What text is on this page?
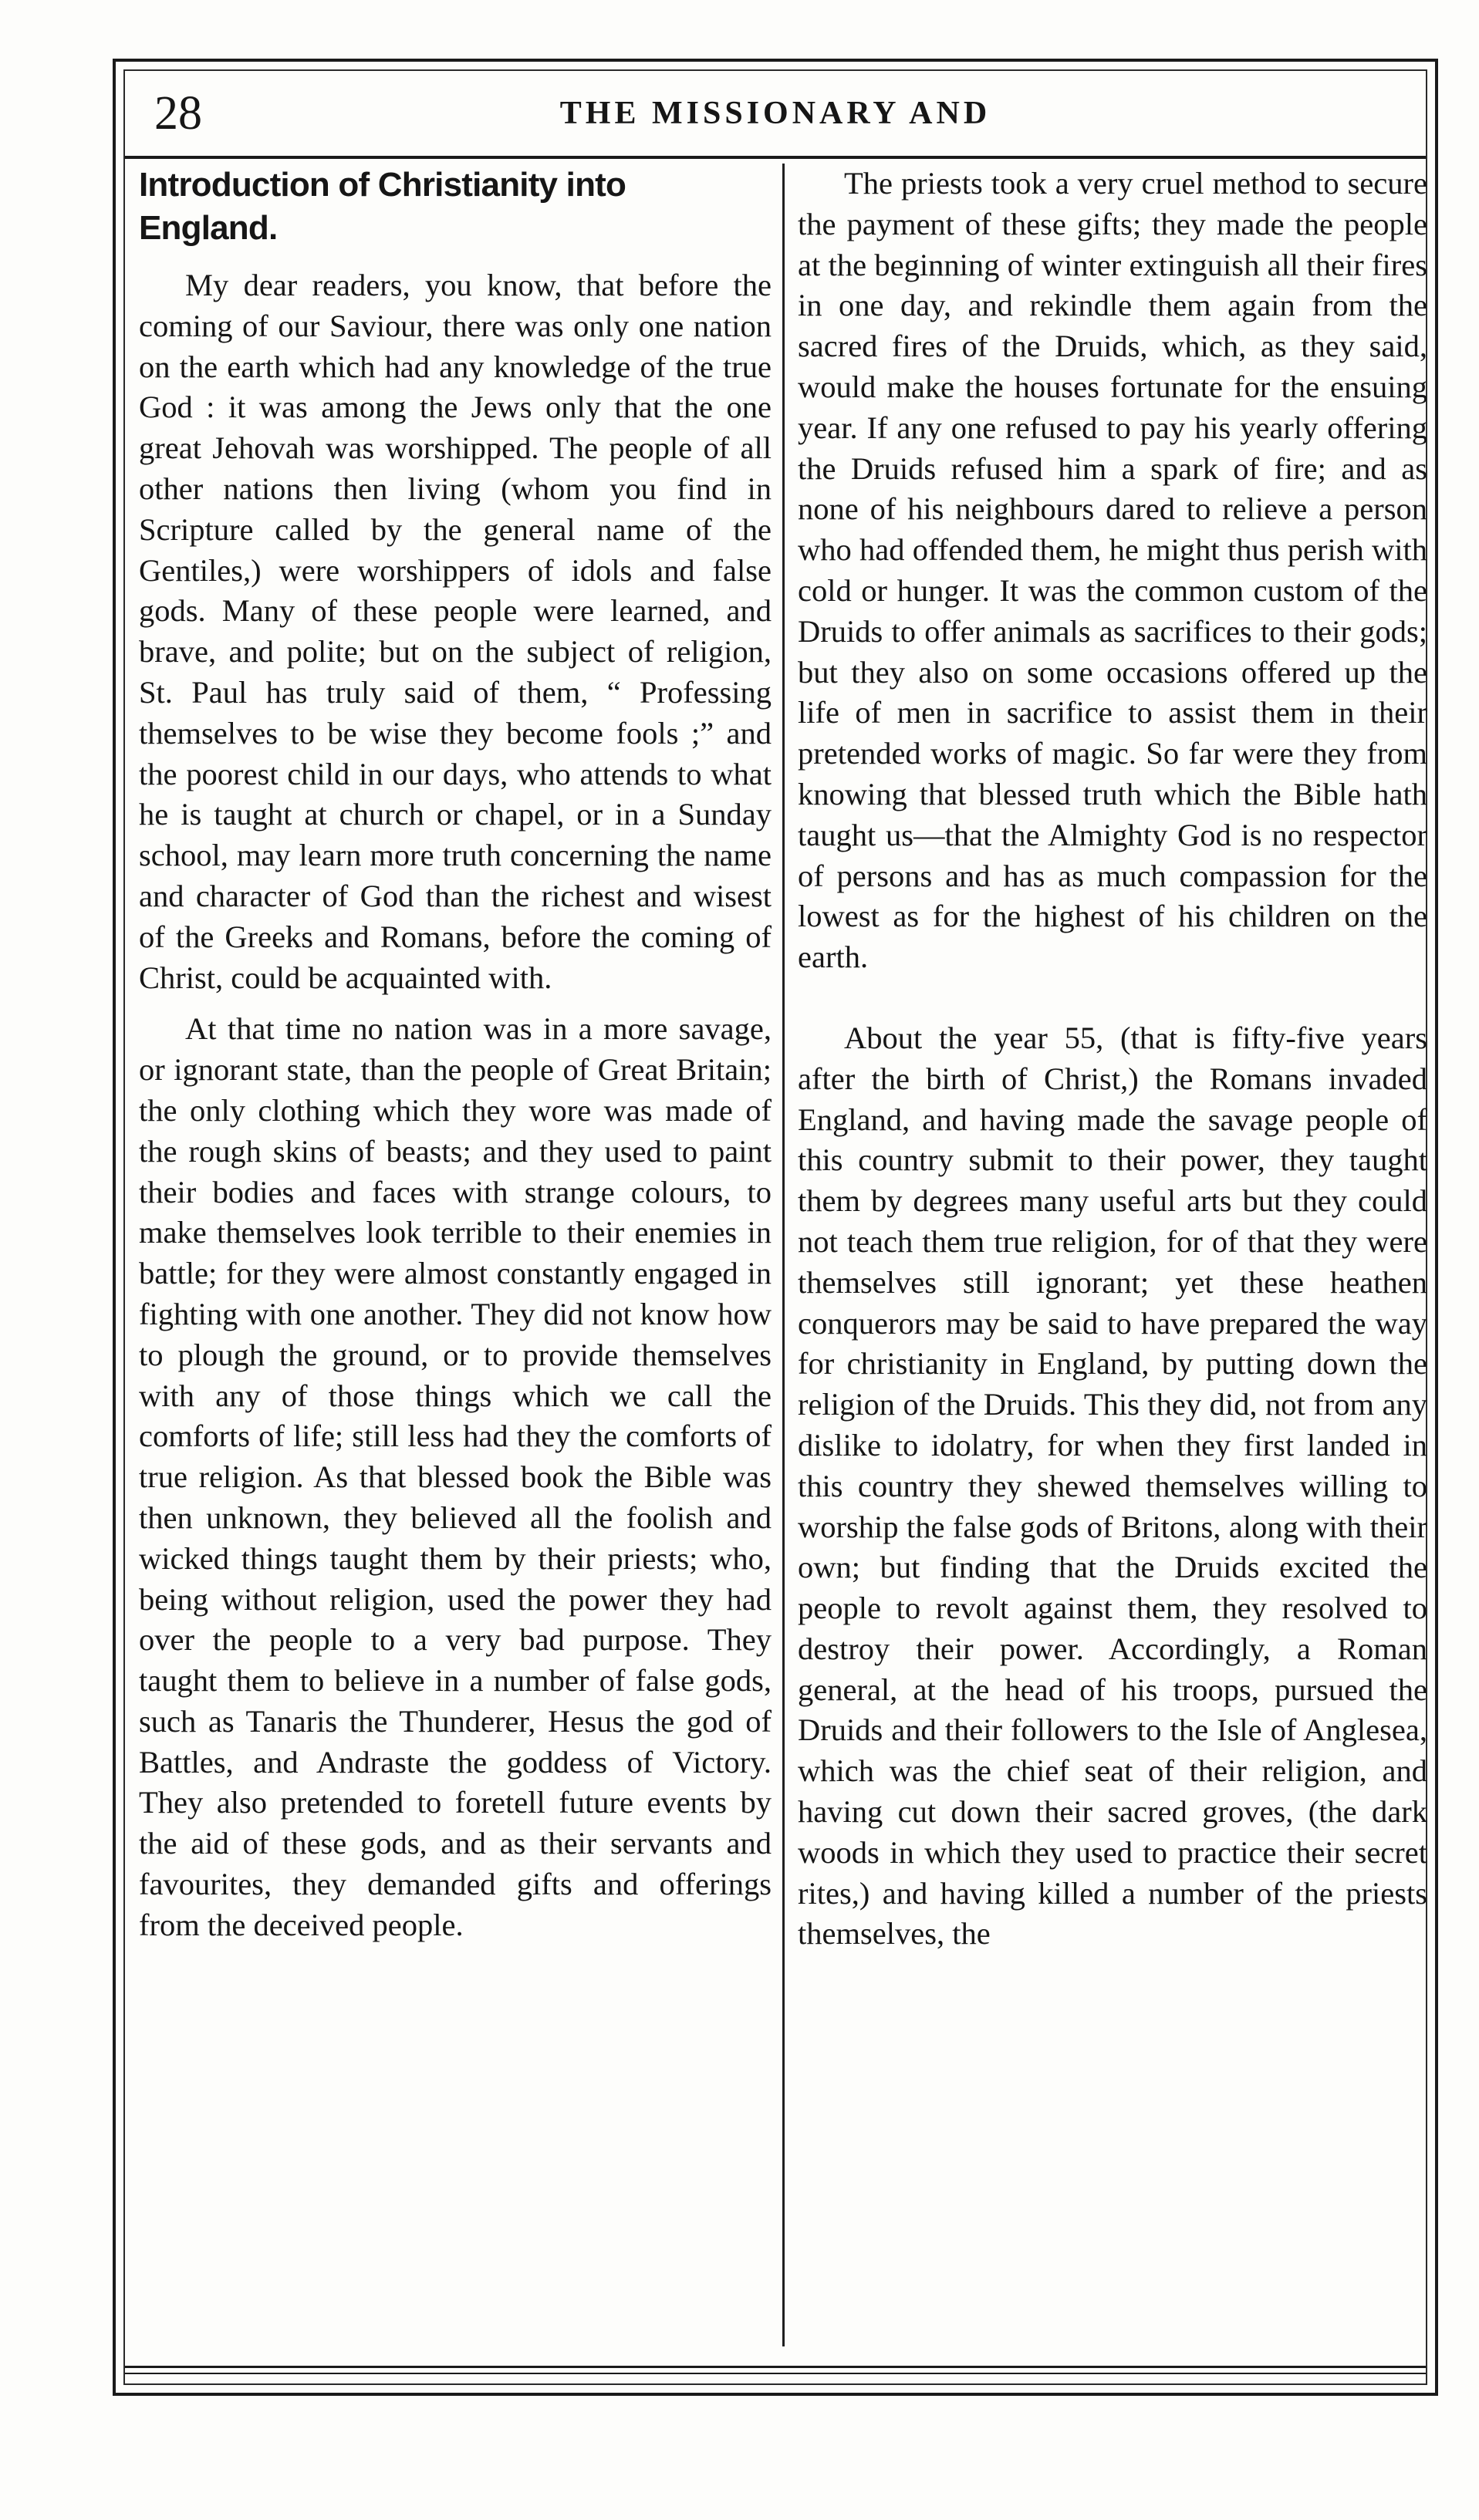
28	THE MISSIONARY AND
Introduction of Christianity into England.

My dear readers, you know, that before the coming of our Saviour, there was only one nation on the earth which had any knowledge of the true God : it was among the Jews only that the one great Jehovah was worshipped. The people of all other nations then living (whom you find in Scripture called by the general name of the Gentiles,) were worshippers of idols and false gods. Many of these people were learned, and brave, and polite; but on the subject of religion, St. Paul has truly said of them, “ Professing themselves to be wise they become fools ;” and the poorest child in our days, who attends to what he is taught at church or chapel, or in a Sunday school, may learn more truth concerning the name and character of God than the richest and wisest of the Greeks and Romans, before the coming of Christ, could be acquainted with.

At that time no nation was in a more savage, or ignorant state, than the people of Great Britain; the only clothing which they wore was made of the rough skins of beasts; and they used to paint their bodies and faces with strange colours, to make themselves look terrible to their enemies in battle; for they were almost constantly engaged in fighting with one another. They did not know how to plough the ground, or to provide themselves with any of those things which we call the comforts of life; still less had they the comforts of true religion. As that blessed book the Bible was then unknown, they believed all the foolish and wicked things taught them by their priests; who, being without religion, used the power they had over the people to a very bad purpose. They taught them to believe in a number of false gods, such as Tanaris the Thunderer, Hesus the god of Battles, and Andraste the goddess of Victory. They also pretended to foretell future events by the aid of these gods, and as their servants and favourites, they demanded gifts and offerings from the deceived people.

The priests took a very cruel method to secure the payment of these gifts; they made the people at the beginning of winter extinguish all their fires in one day, and rekindle them again from the sacred fires of the Druids, which, as they said, would make the houses fortunate for the ensuing year. If any one refused to pay his yearly offering the Druids refused him a spark of fire; and as none of his neighbours dared to relieve a person who had offended them, he might thus perish with cold or hunger. It was the common custom of the Druids to offer animals as sacrifices to their gods; but they also on some occasions offered up the life of men in sacrifice to assist them in their pretended works of magic. So far were they from knowing that blessed truth which the Bible hath taught us—that the Almighty God is no respector of persons and has as much compassion for the lowest as for the highest of his children on the earth.

About the year 55, (that is fifty-five years after the birth of Christ,) the Romans invaded England, and having made the savage people of this country submit to their power, they taught them by degrees many useful arts but they could not teach them true religion, for of that they were themselves still ignorant; yet these heathen conquerors may be said to have prepared the way for christianity in England, by putting down the religion of the Druids. This they did, not from any dislike to idolatry, for when they first landed in this country they shewed themselves willing to worship the false gods of Britons, along with their own; but finding that the Druids excited the people to revolt against them, they resolved to destroy their power. Accordingly, a Roman general, at the head of his troops, pursued the Druids and their followers to the Isle of Anglesea, which was the chief seat of their religion, and having cut down their sacred groves, (the dark woods in which they used to practice their secret rites,) and having killed a number of the priests themselves, the
